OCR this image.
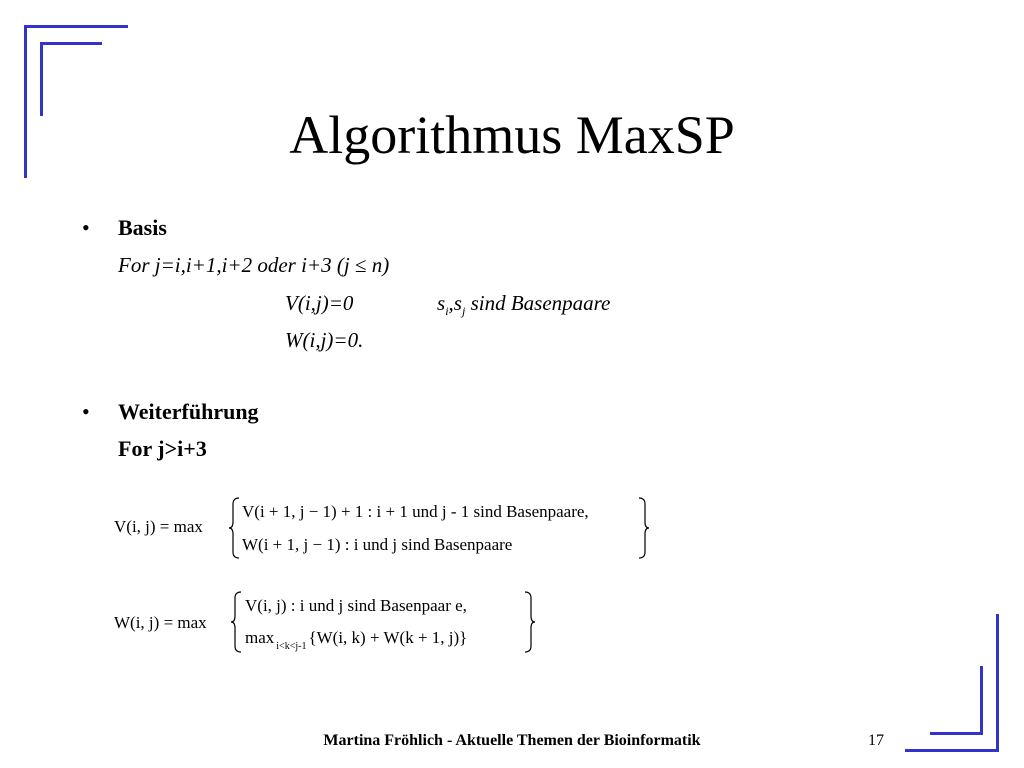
Algorithmus MaxSP
• Basis
For j=i,i+1,i+2 oder i+3 (j ≤ n)
V(i,j)=0	$s_i,s_j$ sind Basenpaare
W(i,j)=0.
• Weiterführung
For j>i+3
V(i, j) = max
V(i + 1, j − 1) + 1 : i + 1 und j - 1 sind Basenpaare,
W(i + 1, j − 1) : i und j sind Basenpaare
W(i, j) = max
V(i, j) : i und j sind Basenpaar e,
max $_{i<k<j-1}$ {W(i, k) + W(k + 1, j)}
Martina Fröhlich - Aktuelle Themen der Bioinformatik	17
